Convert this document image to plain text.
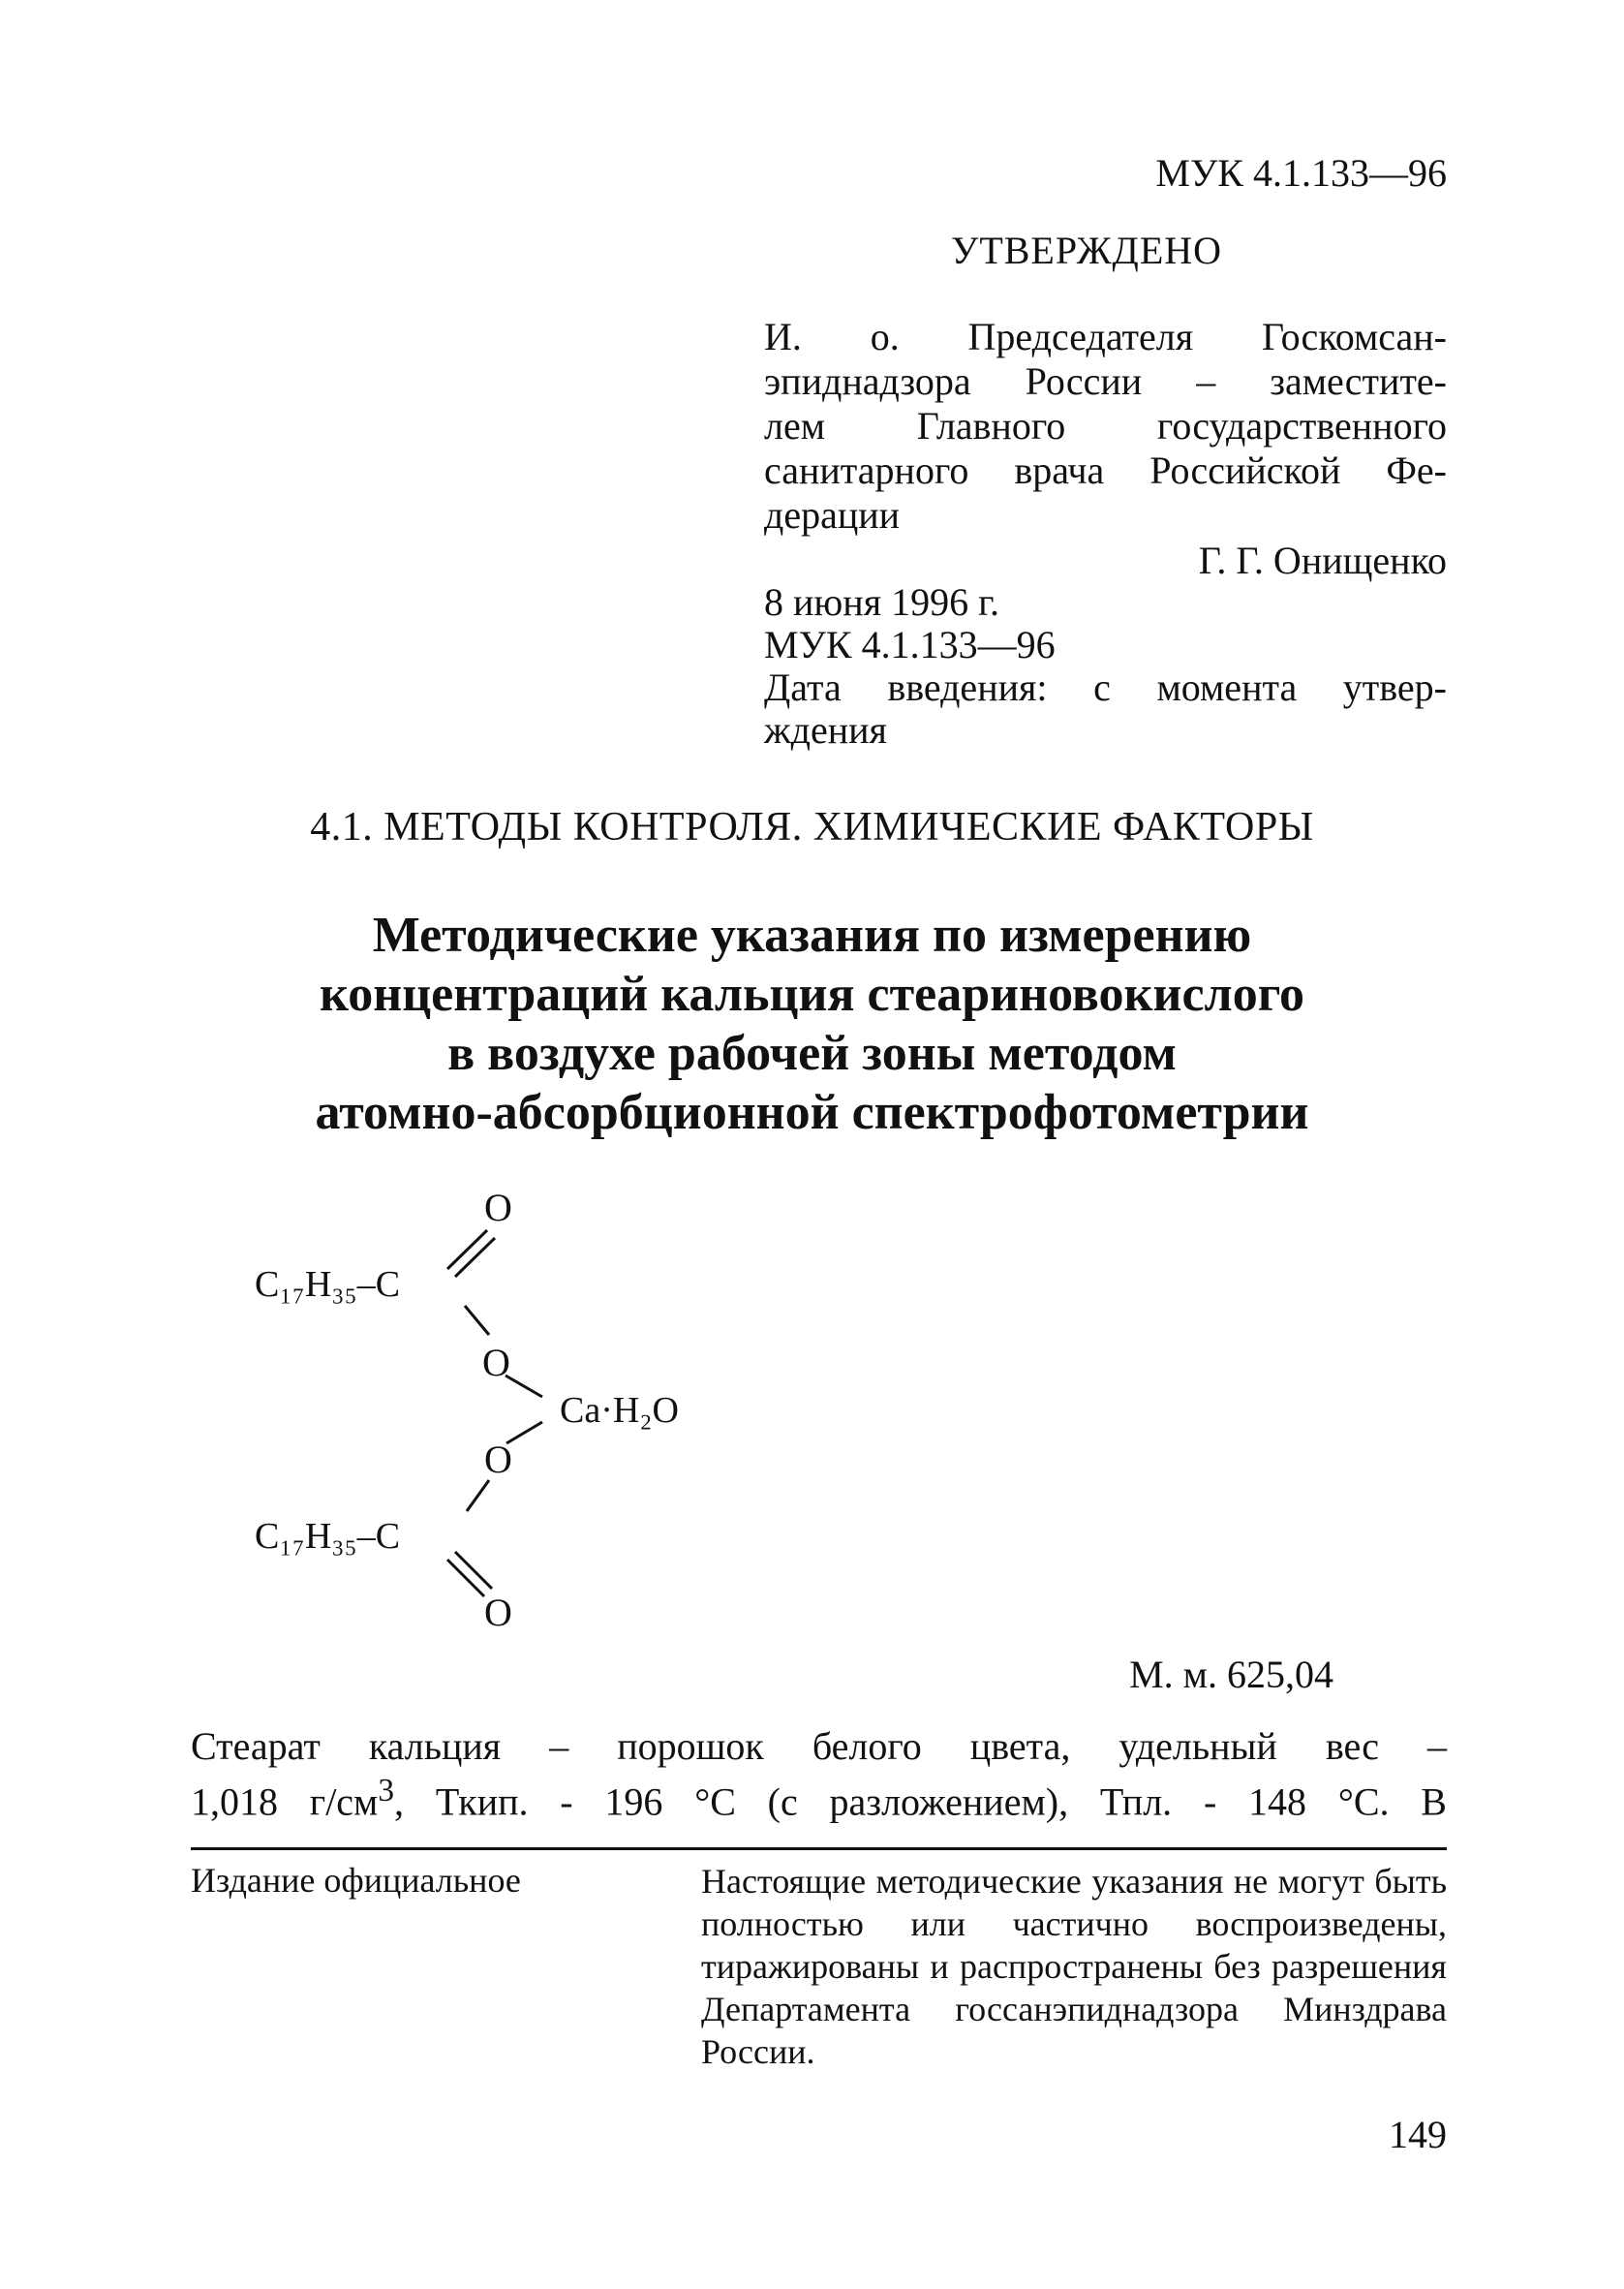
МУК 4.1.133—96
УТВЕРЖДЕНО
И. о. Председателя Госкомсан-
эпиднадзора России – заместите-
лем Главного государственного
санитарного врача Российской Фе-
дерации
Г. Г. Онищенко
8 июня 1996 г.
МУК 4.1.133—96
Дата введения: с момента утвер-
ждения
4.1. МЕТОДЫ КОНТРОЛЯ. ХИМИЧЕСКИЕ ФАКТОРЫ
Методические указания по измерению
концентраций кальция стеариновокислого
в воздухе рабочей зоны методом
атомно-абсорбционной спектрофотометрии
O
C₁₇H₃₅–C
O
Ca·H₂O
O
C₁₇H₃₅–C
O
М. м. 625,04
Стеарат кальция – порошок белого цвета, удельный вес –
1,018 $г/см^3$, Ткип. - 196 °С (с разложением), Тпл. - 148 °С. В
Издание официальное	Настоящие методические указания не могут быть полностью или частично воспроизведены, тиражированы и распространены без разрешения Департамента госсанэпиднадзора Минздрава России.
149
